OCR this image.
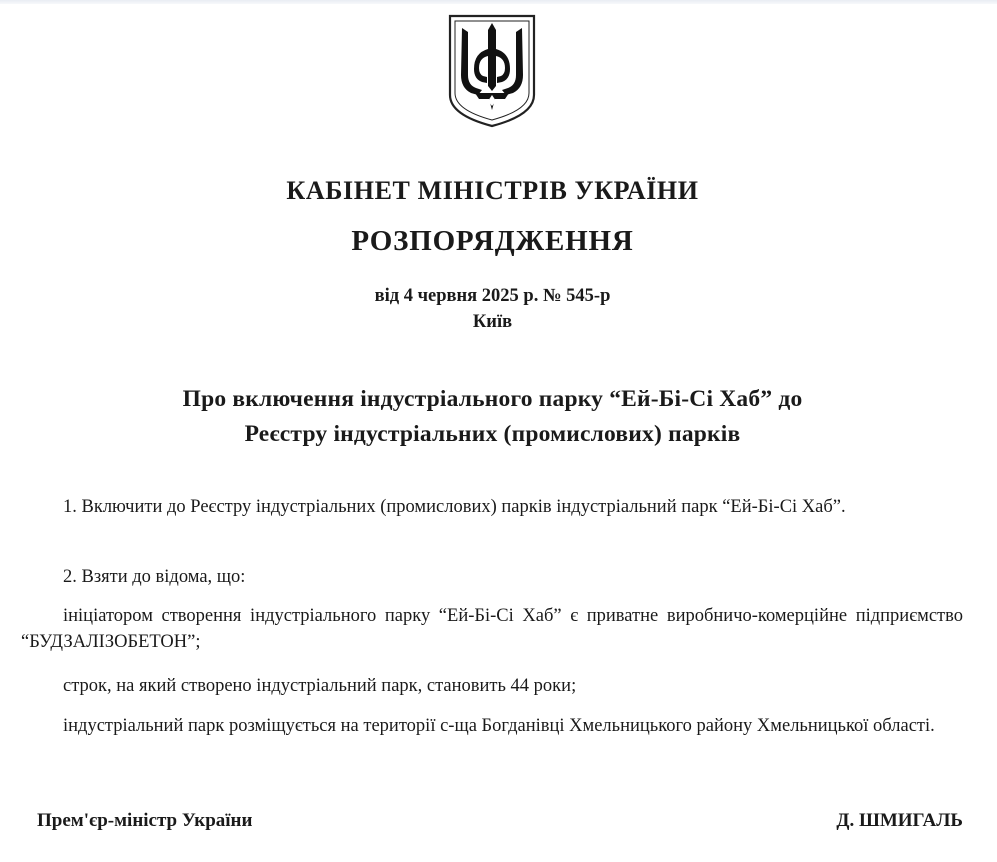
КАБІНЕТ МІНІСТРІВ УКРАЇНИ
РОЗПОРЯДЖЕННЯ
від 4 червня 2025 р. № 545-р
Київ
Про включення індустріального парку “Ей-Бі-Сі Хаб” до
Реєстру індустріальних (промислових) парків

1. Включити до Реєстру індустріальних (промислових) парків індустріальний парк “Ей-Бі-Сі Хаб”.

2. Взяти до відома, що:

ініціатором створення індустріального парку “Ей-Бі-Сі Хаб” є приватне виробничо-комерційне підприємство “БУДЗАЛІЗОБЕТОН”;

строк, на який створено індустріальний парк, становить 44 роки;

індустріальний парк розміщується на території с-ща Богданівці Хмельницького району Хмельницької області.

Прем'єр-міністр України	Д. ШМИГАЛЬ
